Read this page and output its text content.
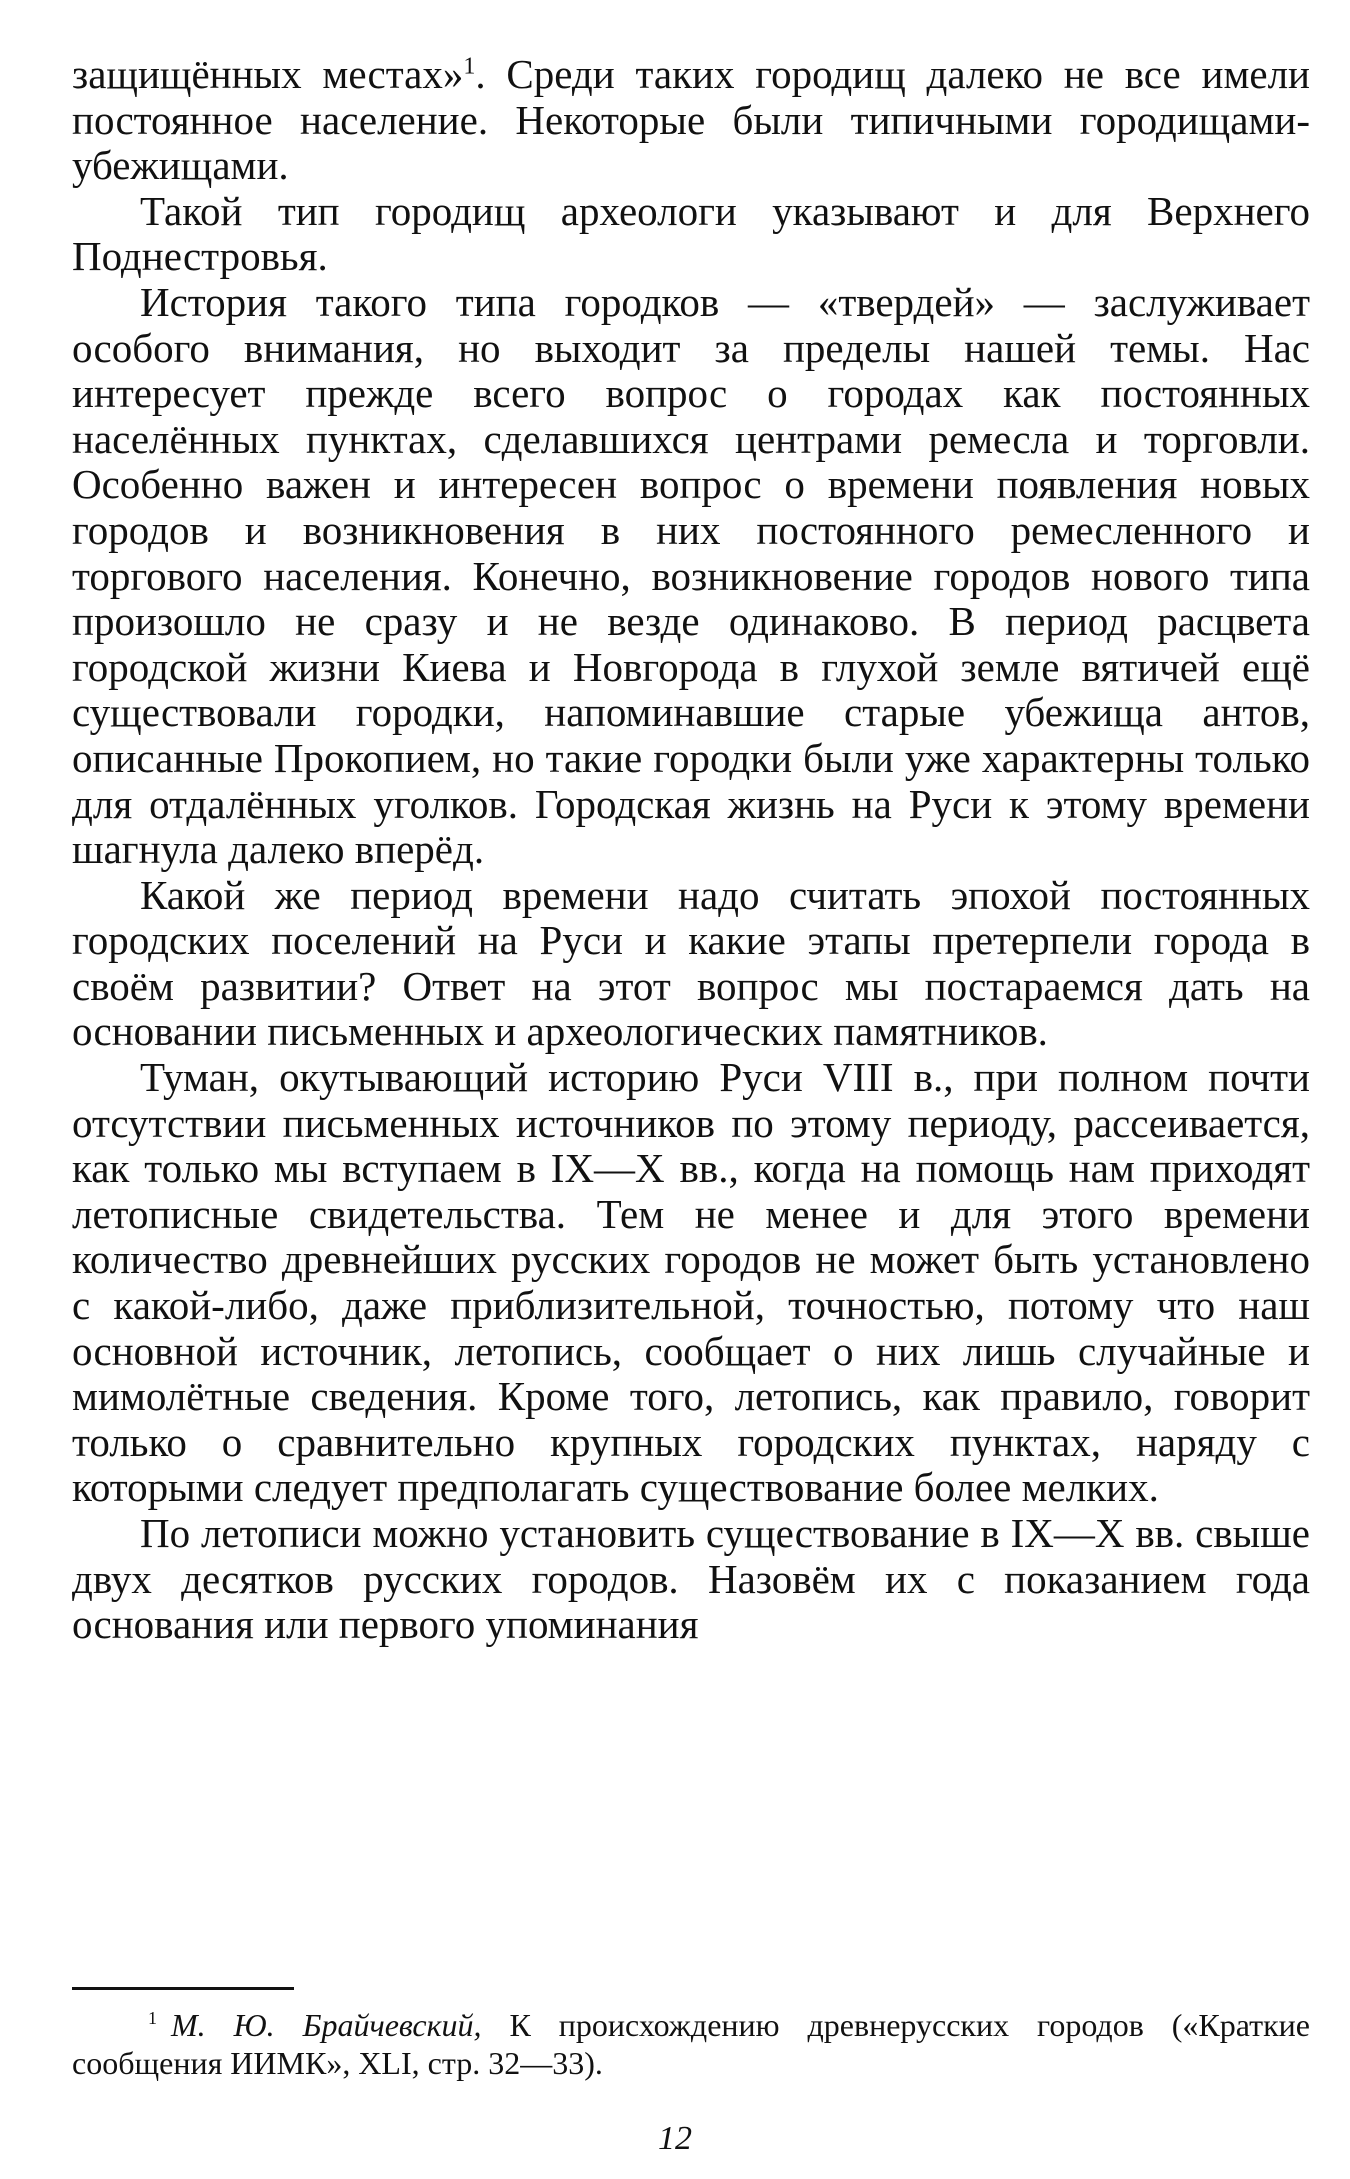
защищённых местах»$^1$. Среди таких городищ далеко не все имели постоянное население. Некоторые были типичными городищами-убежищами.

Такой тип городищ археологи указывают и для Верхнего Поднестровья.

История такого типа городков — «твердей» — заслуживает особого внимания, но выходит за пределы нашей темы. Нас интересует прежде всего вопрос о городах как постоянных населённых пунктах, сделавшихся центрами ремесла и торговли. Особенно важен и интересен вопрос о времени появления новых городов и возникновения в них постоянного ремесленного и торгового населения. Конечно, возникновение городов нового типа произошло не сразу и не везде одинаково. В период расцвета городской жизни Киева и Новгорода в глухой земле вятичей ещё существовали городки, напоминавшие старые убежища антов, описанные Прокопием, но такие городки были уже характерны только для отдалённых уголков. Городская жизнь на Руси к этому времени шагнула далеко вперёд.

Какой же период времени надо считать эпохой постоянных городских поселений на Руси и какие этапы претерпели города в своём развитии? Ответ на этот вопрос мы постараемся дать на основании письменных и археологических памятников.

Туман, окутывающий историю Руси VIII в., при полном почти отсутствии письменных источников по этому периоду, рассеивается, как только мы вступаем в IX—X вв., когда на помощь нам приходят летописные свидетельства. Тем не менее и для этого времени количество древнейших русских городов не может быть установлено с какой-либо, даже приблизительной, точностью, потому что наш основной источник, летопись, сообщает о них лишь случайные и мимолётные сведения. Кроме того, летопись, как правило, говорит только о сравнительно крупных городских пунктах, наряду с которыми следует предполагать существование более мелких.

По летописи можно установить существование в IX—X вв. свыше двух десятков русских городов. Назовём их с показанием года основания или первого упоминания

$^1$ М. Ю. Брайчевский, К происхождению древнерусских городов («Краткие сообщения ИИМК», XLI, стр. 32—33).

12
